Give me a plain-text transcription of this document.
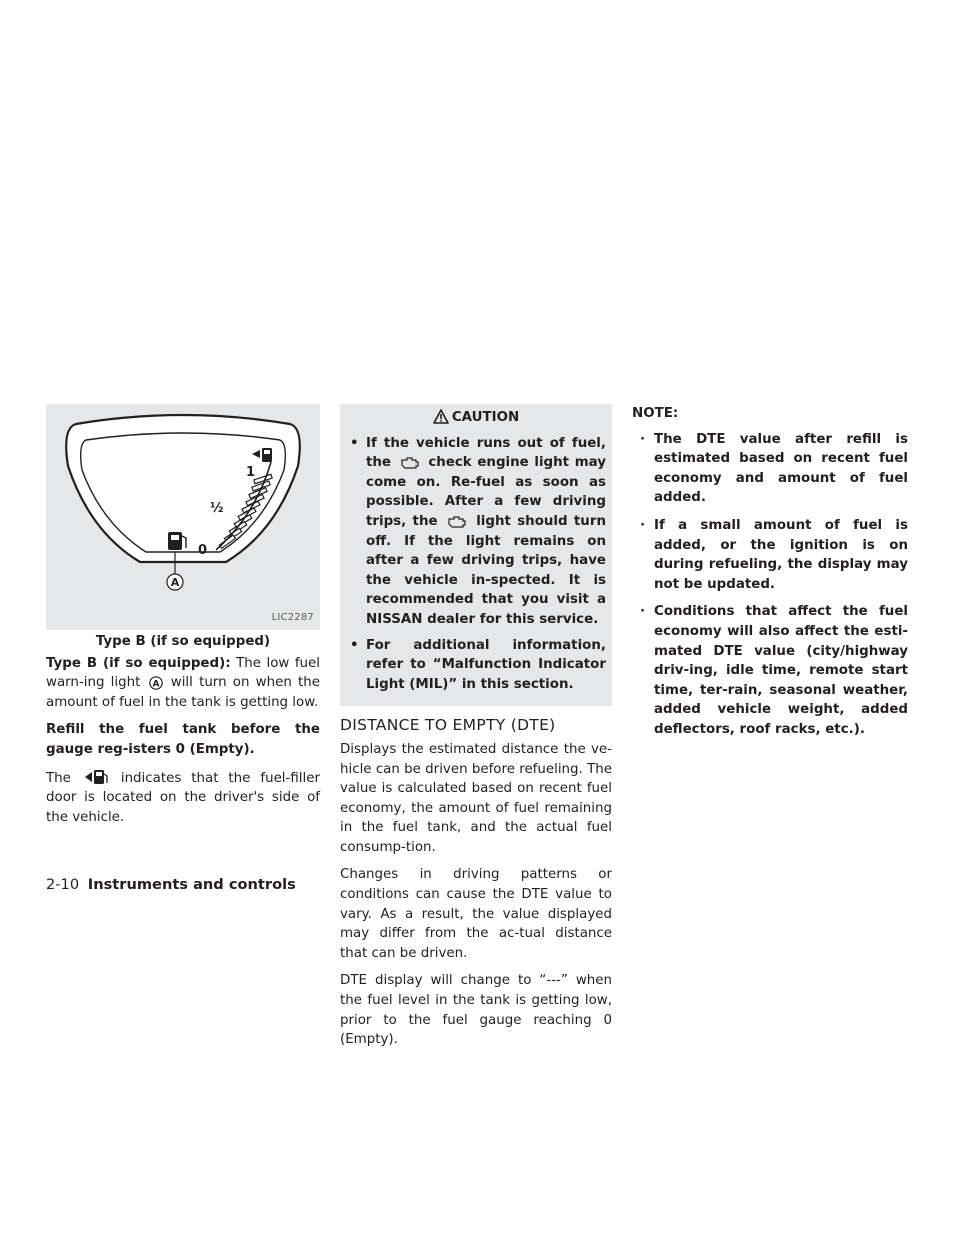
1
½
0
A
LIC2287
Type B (if so equipped)

Type B (if so equipped): The low fuel warn-ing light A will turn on when the amount of fuel in the tank is getting low.

Refill the fuel tank before the gauge reg-isters 0 (Empty).

The	indicates that the fuel-filler door is located on the driver's side of the vehicle.

CAUTION
• If the vehicle runs out of fuel, the	check engine light may come on. Re-fuel as soon as possible. After a few driving trips, the	light should turn off. If the light remains on after a few driving trips, have the vehicle in-spected. It is recommended that you visit a NISSAN dealer for this service.
• For additional information, refer to “Malfunction Indicator Light (MIL)” in this section.
DISTANCE TO EMPTY (DTE)

Displays the estimated distance the ve-hicle can be driven before refueling. The value is calculated based on recent fuel economy, the amount of fuel remaining in the fuel tank, and the actual fuel consump-tion.

Changes in driving patterns or conditions can cause the DTE value to vary. As a result, the value displayed may differ from the ac-tual distance that can be driven.

DTE display will change to “---” when the fuel level in the tank is getting low, prior to the fuel gauge reaching 0 (Empty).

NOTE:
· The DTE value after refill is estimated based on recent fuel economy and amount of fuel added.
· If a small amount of fuel is added, or the ignition is on during refueling, the display may not be updated.
· Conditions that affect the fuel economy will also affect the esti-mated DTE value (city/highway driv-ing, idle time, remote start time, ter-rain, seasonal weather, added vehicle weight, added deflectors, roof racks, etc.).
2-10 Instruments and controls
